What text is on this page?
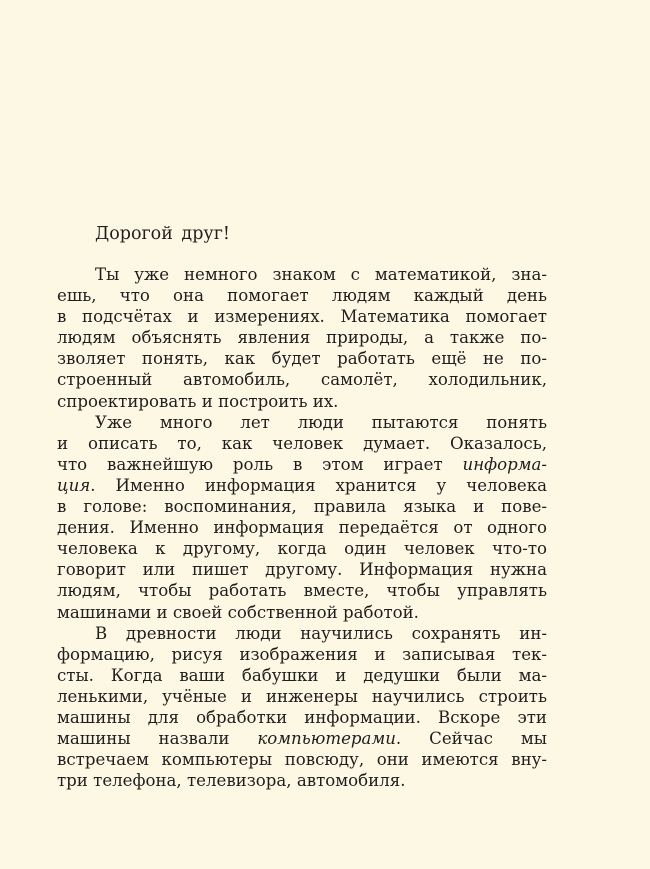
Дорогой друг!

Ты уже немного знаком с математикой, зна-
ешь, что она помогает людям каждый день
в подсчётах и измерениях. Математика помогает
людям объяснять явления природы, а также по-
зволяет понять, как будет работать ещё не по-
строенный автомобиль, самолёт, холодильник,
спроектировать и построить их.

Уже много лет люди пытаются понять
и описать то, как человек думает. Оказалось,
что важнейшую роль в этом играет информа-
ция. Именно информация хранится у человека
в голове: воспоминания, правила языка и пове-
дения. Именно информация передаётся от одного
человека к другому, когда один человек что-то
говорит или пишет другому. Информация нужна
людям, чтобы работать вместе, чтобы управлять
машинами и своей собственной работой.

В древности люди научились сохранять ин-
формацию, рисуя изображения и записывая тек-
сты. Когда ваши бабушки и дедушки были ма-
ленькими, учёные и инженеры научились строить
машины для обработки информации. Вскоре эти
машины назвали компьютерами. Сейчас мы
встречаем компьютеры повсюду, они имеются вну-
три телефона, телевизора, автомобиля.
